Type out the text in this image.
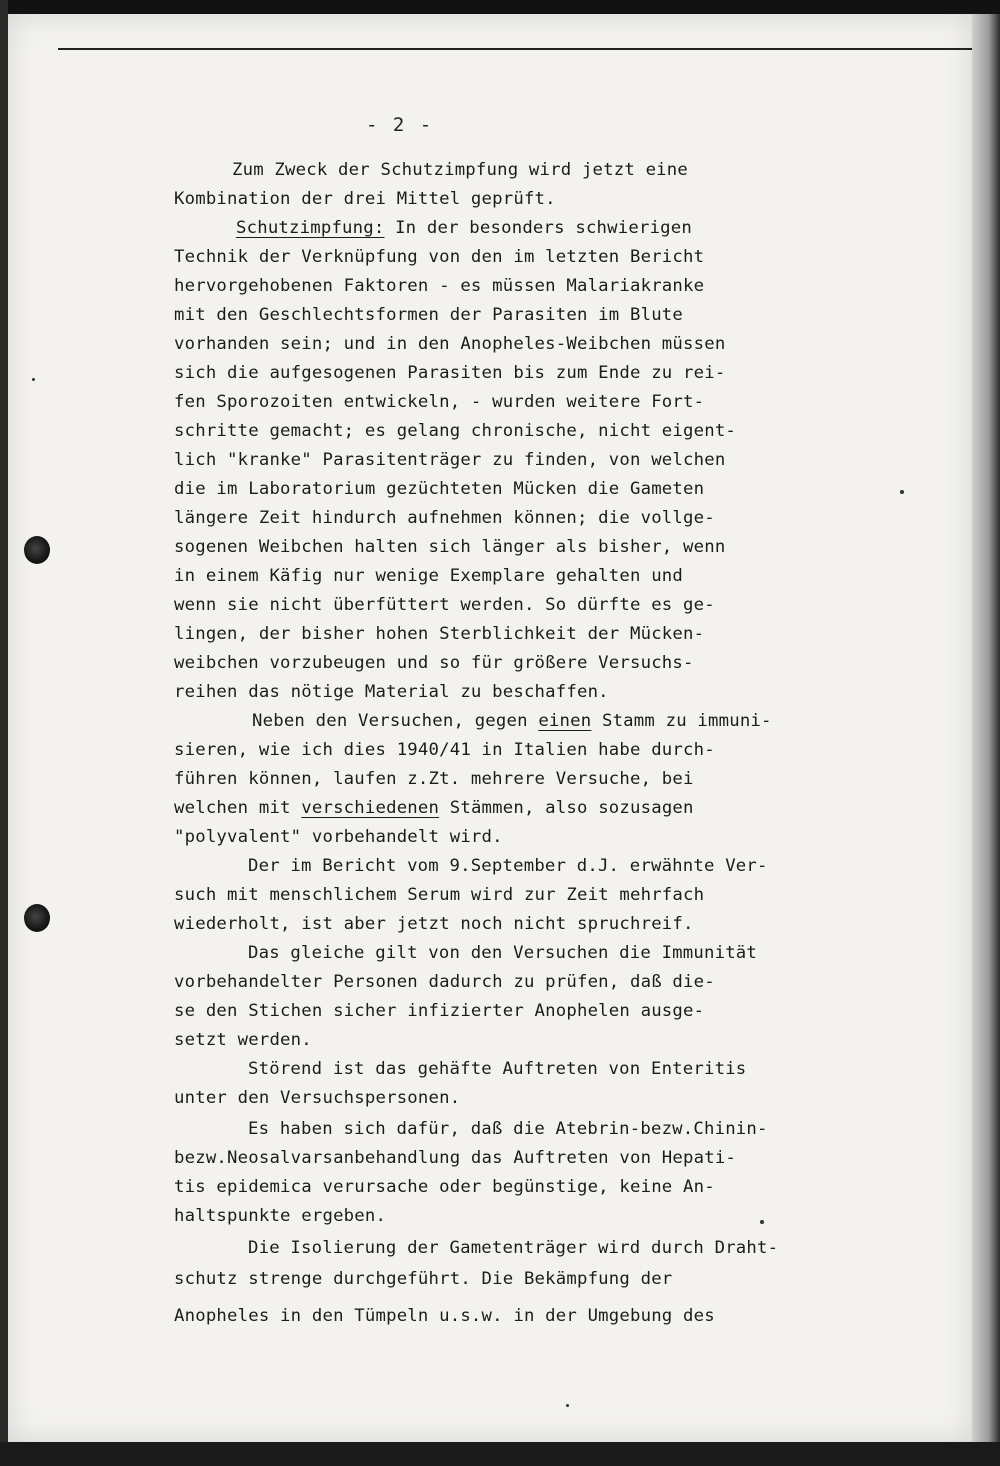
- 2 -
Zum Zweck der Schutzimpfung wird jetzt eine
Kombination der drei Mittel geprüft.
Schutzimpfung: In der besonders schwierigen
Technik der Verknüpfung von den im letzten Bericht
hervorgehobenen Faktoren - es müssen Malariakranke
mit den Geschlechtsformen der Parasiten im Blute
vorhanden sein; und in den Anopheles-Weibchen müssen
sich die aufgesogenen Parasiten bis zum Ende zu rei-
fen Sporozoiten entwickeln, - wurden weitere Fort-
schritte gemacht; es gelang chronische, nicht eigent-
lich "kranke" Parasitenträger zu finden, von welchen
die im Laboratorium gezüchteten Mücken die Gameten
längere Zeit hindurch aufnehmen können; die vollge-
sogenen Weibchen halten sich länger als bisher, wenn
in einem Käfig nur wenige Exemplare gehalten und
wenn sie nicht überfüttert werden. So dürfte es ge-
lingen, der bisher hohen Sterblichkeit der Mücken-
weibchen vorzubeugen und so für größere Versuchs-
reihen das nötige Material zu beschaffen.
Neben den Versuchen, gegen einen Stamm zu immuni-
sieren, wie ich dies 1940/41 in Italien habe durch-
führen können, laufen z.Zt. mehrere Versuche, bei
welchen mit verschiedenen Stämmen, also sozusagen
"polyvalent" vorbehandelt wird.
Der im Bericht vom 9.September d.J. erwähnte Ver-
such mit menschlichem Serum wird zur Zeit mehrfach
wiederholt, ist aber jetzt noch nicht spruchreif.
Das gleiche gilt von den Versuchen die Immunität
vorbehandelter Personen dadurch zu prüfen, daß die-
se den Stichen sicher infizierter Anophelen ausge-
setzt werden.
Störend ist das gehäfte Auftreten von Enteritis
unter den Versuchspersonen.
Es haben sich dafür, daß die Atebrin-bezw.Chinin-
bezw.Neosalvarsanbehandlung das Auftreten von Hepati-
tis epidemica verursache oder begünstige, keine An-
haltspunkte ergeben.
Die Isolierung der Gametenträger wird durch Draht-
schutz strenge durchgeführt. Die Bekämpfung der
Anopheles in den Tümpeln u.s.w. in der Umgebung des
